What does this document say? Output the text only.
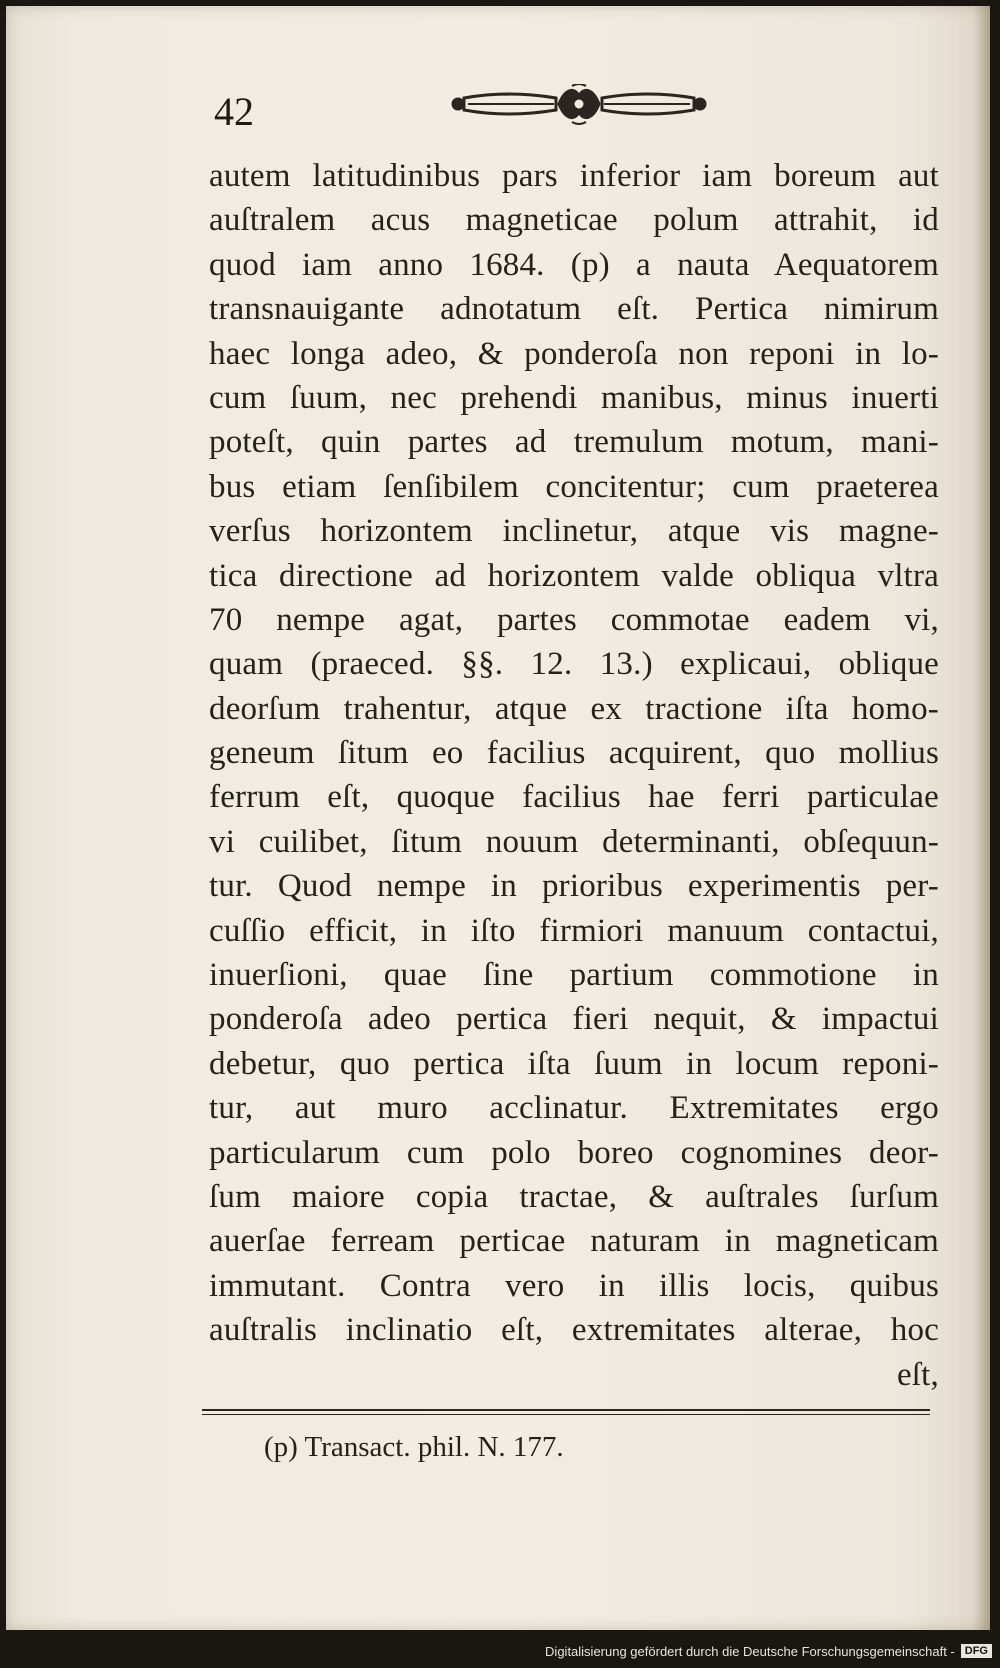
42
autem latitudinibus pars inferior iam boreum aut
auſtralem acus magneticae polum attrahit, id
quod iam anno 1684. (p) a nauta Aequatorem
transnauigante adnotatum eſt. Pertica nimirum
haec longa adeo, & ponderoſa non reponi in lo-
cum ſuum, nec prehendi manibus, minus inuerti
poteſt, quin partes ad tremulum motum, mani-
bus etiam ſenſibilem concitentur; cum praeterea
verſus horizontem inclinetur, atque vis magne-
tica directione ad horizontem valde obliqua vltra
70 nempe agat, partes commotae eadem vi,
quam (praeced. §§. 12. 13.) explicaui, oblique
deorſum trahentur, atque ex tractione iſta homo-
geneum ſitum eo facilius acquirent, quo mollius
ferrum eſt, quoque facilius hae ferri particulae
vi cuilibet, ſitum nouum determinanti, obſequun-
tur. Quod nempe in prioribus experimentis per-
cuſſio efficit, in iſto firmiori manuum contactui,
inuerſioni, quae ſine partium commotione in
ponderoſa adeo pertica fieri nequit, & impactui
debetur, quo pertica iſta ſuum in locum reponi-
tur, aut muro acclinatur. Extremitates ergo
particularum cum polo boreo cognomines deor-
ſum maiore copia tractae, & auſtrales ſurſum
auerſae ferream perticae naturam in magneticam
immutant. Contra vero in illis locis, quibus
auſtralis inclinatio eſt, extremitates alterae, hoc
eſt,
(p) Transact. phil. N. 177.
Digitalisierung gefördert durch die Deutsche Forschungsgemeinschaft - DFG
